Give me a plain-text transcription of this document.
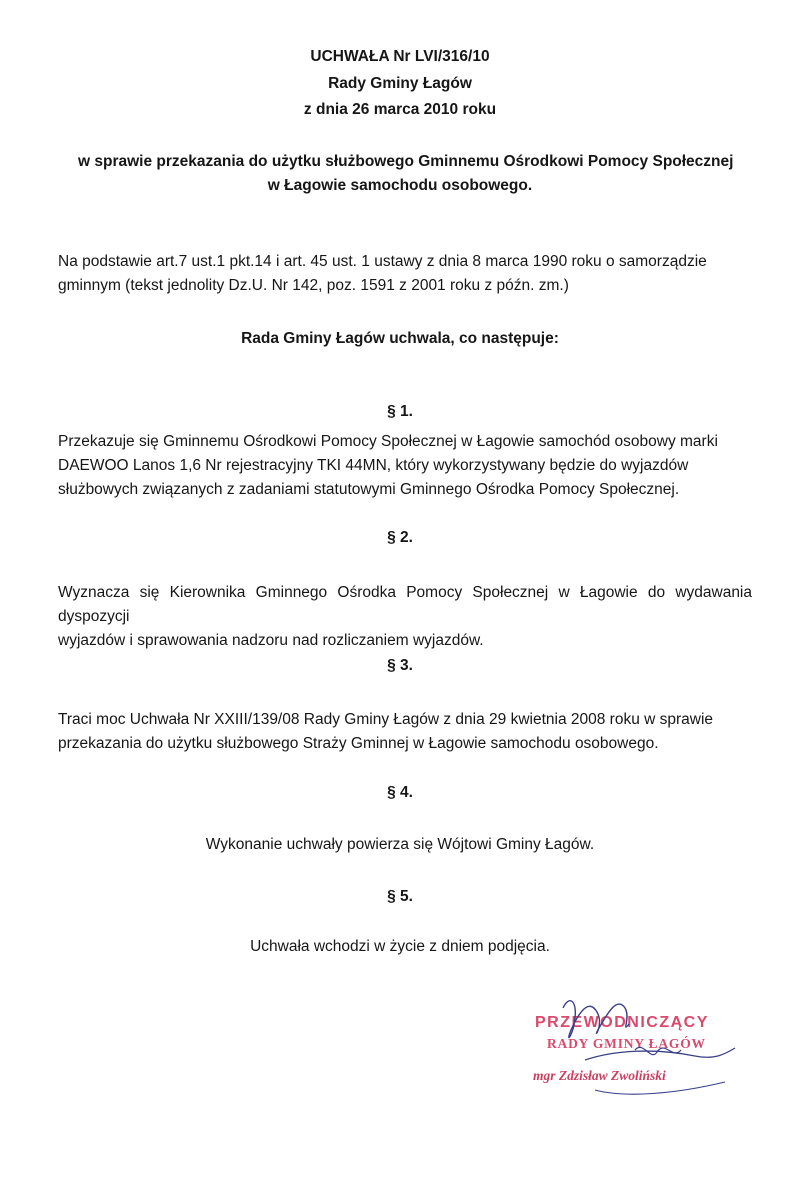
UCHWAŁA Nr LVI/316/10
Rady Gminy Łagów
z dnia 26 marca 2010 roku
w sprawie przekazania do użytku służbowego Gminnemu Ośrodkowi Pomocy Społecznej
w Łagowie samochodu osobowego.

Na podstawie art.7 ust.1 pkt.14 i art. 45 ust. 1 ustawy z dnia 8 marca 1990 roku o samorządzie

gminnym (tekst jednolity Dz.U. Nr 142, poz. 1591 z 2001 roku z późn. zm.)

Rada Gminy Łagów uchwala, co następuje:
§ 1.

Przekazuje się Gminnemu Ośrodkowi Pomocy Społecznej w Łagowie samochód osobowy marki

DAEWOO Lanos 1,6 Nr rejestracyjny TKI 44MN, który wykorzystywany będzie do wyjazdów

służbowych związanych z zadaniami statutowymi Gminnego Ośrodka Pomocy Społecznej.

§ 2.

Wyznacza się Kierownika Gminnego Ośrodka Pomocy Społecznej w Łagowie do wydawania dyspozycji

wyjazdów i sprawowania nadzoru nad rozliczaniem wyjazdów.

§ 3.

Traci moc Uchwała Nr XXIII/139/08 Rady Gminy Łagów z dnia 29 kwietnia 2008 roku w sprawie

przekazania do użytku służbowego Straży Gminnej w Łagowie samochodu osobowego.

§ 4.
Wykonanie uchwały powierza się Wójtowi Gminy Łagów.
§ 5.
Uchwała wchodzi w życie z dniem podjęcia.
PRZEWODNICZĄCY
RADY GMINY ŁAGÓW
mgr Zdzisław Zwoliński
